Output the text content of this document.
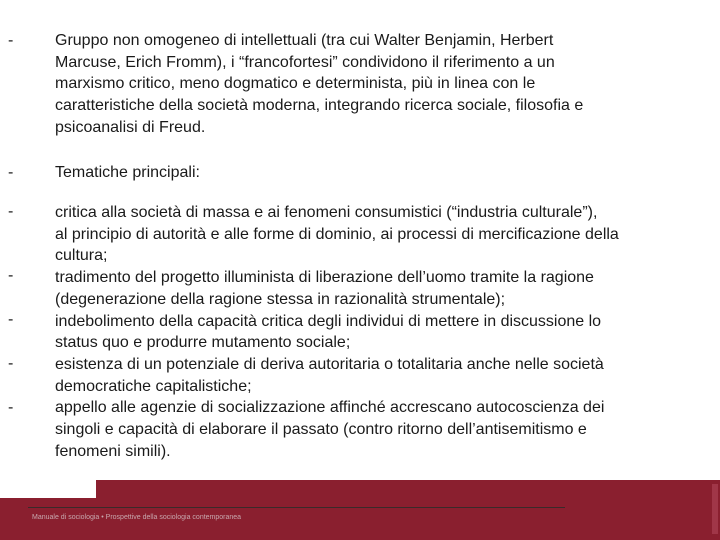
-	Gruppo non omogeneo di intellettuali (tra cui Walter Benjamin, Herbert
Marcuse, Erich Fromm), i “francofortesi” condividono il riferimento a un
marxismo critico, meno dogmatico e determinista, più in linea con le
caratteristiche della società moderna, integrando ricerca sociale, filosofia e
psicoanalisi di Freud.
-	Tematiche principali:
-
-
-
-
-
critica alla società di massa e ai fenomeni consumistici (“industria culturale”),
al principio di autorità e alle forme di dominio, ai processi di mercificazione della
cultura;
tradimento del progetto illuminista di liberazione dell’uomo tramite la ragione
(degenerazione della ragione stessa in razionalità strumentale);
indebolimento della capacità critica degli individui di mettere in discussione lo
status quo e produrre mutamento sociale;
esistenza di un potenziale di deriva autoritaria o totalitaria anche nelle società
democratiche capitalistiche;
appello alle agenzie di socializzazione affinché accrescano autocoscienza dei
singoli e capacità di elaborare il passato (contro ritorno dell’antisemitismo e
fenomeni simili).
Manuale di sociologia • Prospettive della sociologia contemporanea
